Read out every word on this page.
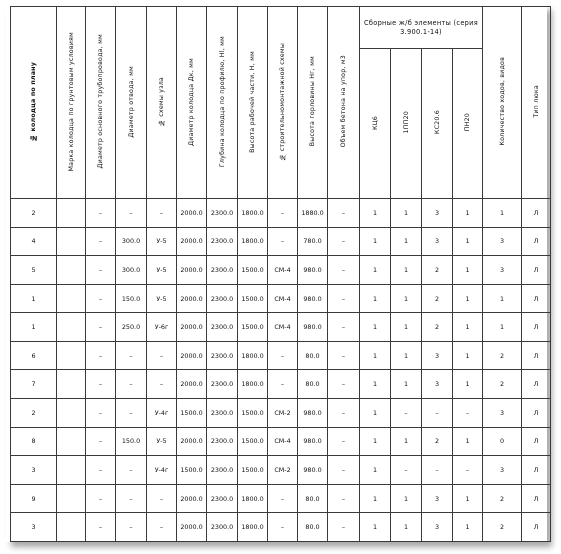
№ колодца по плану	Марка колодца по грунтовым условиям	Диаметр основного трубопровода, мм	Диаметр отвода, мм	№ схемы узла	Диаметр колодца Дк, мм	Глубина колодца по профилю, Нl, мм	Высота рабочей части, Н, мм	№ строительномонтажной схемы	Высота горловины Нг, мм	Объем бетона на упор, м3	Сборные ж/б элементы (серия 3.900.1-14)				Количество ходов, видов	Тип люка
											КЦ6	1ПП20	КС20.6	ПН20		
2		–	–	–	2000.0	2300.0	1800.0	–	1880.0	–	1	1	3	1	1	Л
4		–	300.0	У-5	2000.0	2300.0	1800.0	–	780.0	–	1	1	3	1	3	Л
5		–	300.0	У-5	2000.0	2300.0	1500.0	СМ-4	980.0	–	1	1	2	1	3	Л
1		–	150.0	У-5	2000.0	2300.0	1500.0	СМ-4	980.0	–	1	1	2	1	1	Л
1		–	250.0	У-6г	2000.0	2300.0	1500.0	СМ-4	980.0	–	1	1	2	1	1	Л
6		–	–	–	2000.0	2300.0	1800.0	–	80.0	–	1	1	3	1	2	Л
7		–	–	–	2000.0	2300.0	1800.0	–	80.0	–	1	1	3	1	2	Л
2		–	–	У-4г	1500.0	2300.0	1500.0	СМ-2	980.0	–	1	–	–	–	3	Л
8		–	150.0	У-5	2000.0	2300.0	1500.0	СМ-4	980.0	–	1	1	2	1	0	Л
3		–	–	У-4г	1500.0	2300.0	1500.0	СМ-2	980.0	–	1	–	–	–	3	Л
9		–	–	–	2000.0	2300.0	1800.0	–	80.0	–	1	1	3	1	2	Л
3		–	–	–	2000.0	2300.0	1800.0	–	80.0	–	1	1	3	1	2	Л
